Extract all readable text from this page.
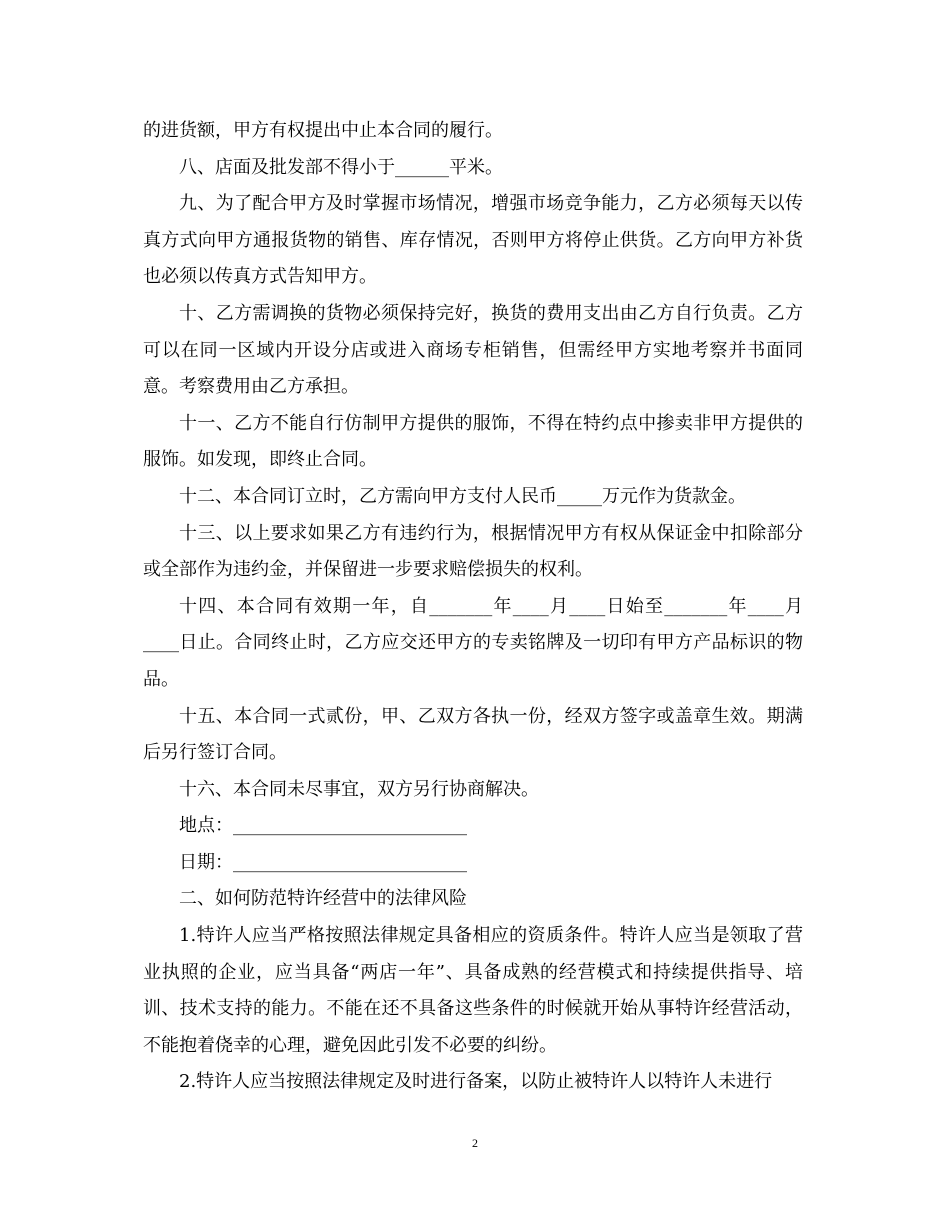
的进货额，甲方有权提出中止本合同的履行。

八、店面及批发部不得小于______平米。

九、为了配合甲方及时掌握市场情况，增强市场竞争能力，乙方必须每天以传真方式向甲方通报货物的销售、库存情况，否则甲方将停止供货。乙方向甲方补货也必须以传真方式告知甲方。

十、乙方需调换的货物必须保持完好，换货的费用支出由乙方自行负责。乙方可以在同一区域内开设分店或进入商场专柜销售，但需经甲方实地考察并书面同意。考察费用由乙方承担。

十一、乙方不能自行仿制甲方提供的服饰，不得在特约点中掺卖非甲方提供的服饰。如发现，即终止合同。

十二、本合同订立时，乙方需向甲方支付人民币_____万元作为货款金。

十三、以上要求如果乙方有违约行为，根据情况甲方有权从保证金中扣除部分或全部作为违约金，并保留进一步要求赔偿损失的权利。

十四、本合同有效期一年，自_______年____月____日始至_______年____月____日止。合同终止时，乙方应交还甲方的专卖铭牌及一切印有甲方产品标识的物品。

十五、本合同一式贰份，甲、乙双方各执一份，经双方签字或盖章生效。期满后另行签订合同。

十六、本合同未尽事宜，双方另行协商解决。

地点：__________________________

日期：__________________________

二、如何防范特许经营中的法律风险

1.特许人应当严格按照法律规定具备相应的资质条件。特许人应当是领取了营业执照的企业，应当具备“两店一年”、具备成熟的经营模式和持续提供指导、培训、技术支持的能力。不能在还不具备这些条件的时候就开始从事特许经营活动，不能抱着侥幸的心理，避免因此引发不必要的纠纷。

2.特许人应当按照法律规定及时进行备案，以防止被特许人以特许人未进行

2
